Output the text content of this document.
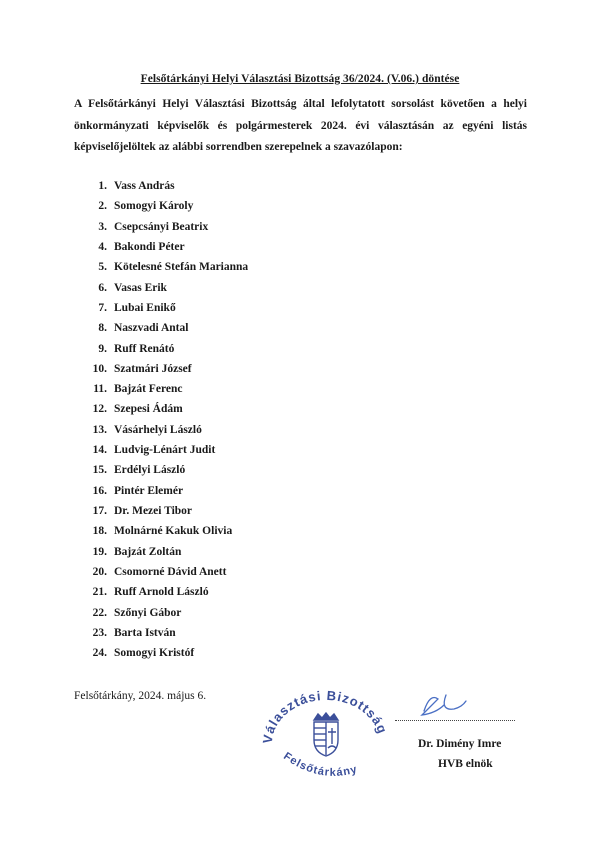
Felsőtárkányi Helyi Választási Bizottság 36/2024. (V.06.) döntése
A Felsőtárkányi Helyi Választási Bizottság által lefolytatott sorsolást követően a helyi önkormányzati képviselők és polgármesterek 2024. évi választásán az egyéni listás képviselőjelöltek az alábbi sorrendben szerepelnek a szavazólapon:
1. Vass András
2. Somogyi Károly
3. Csepcsányi Beatrix
4. Bakondi Péter
5. Kötelesné Stefán Marianna
6. Vasas Erik
7. Lubai Enikő
8. Naszvadi Antal
9. Ruff Renátó
10. Szatmári József
11. Bajzát Ferenc
12. Szepesi Ádám
13. Vásárhelyi László
14. Ludvig-Lénárt Judit
15. Erdélyi László
16. Pintér Elemér
17. Dr. Mezei Tibor
18. Molnárné Kakuk Olivia
19. Bajzát Zoltán
20. Csomorné Dávid Anett
21. Ruff Arnold László
22. Szőnyi Gábor
23. Barta István
24. Somogyi Kristóf
Felsőtárkány, 2024. május 6.
Választási Bizottság
Felsőtárkány
Dr. Dimény Imre
HVB elnök
